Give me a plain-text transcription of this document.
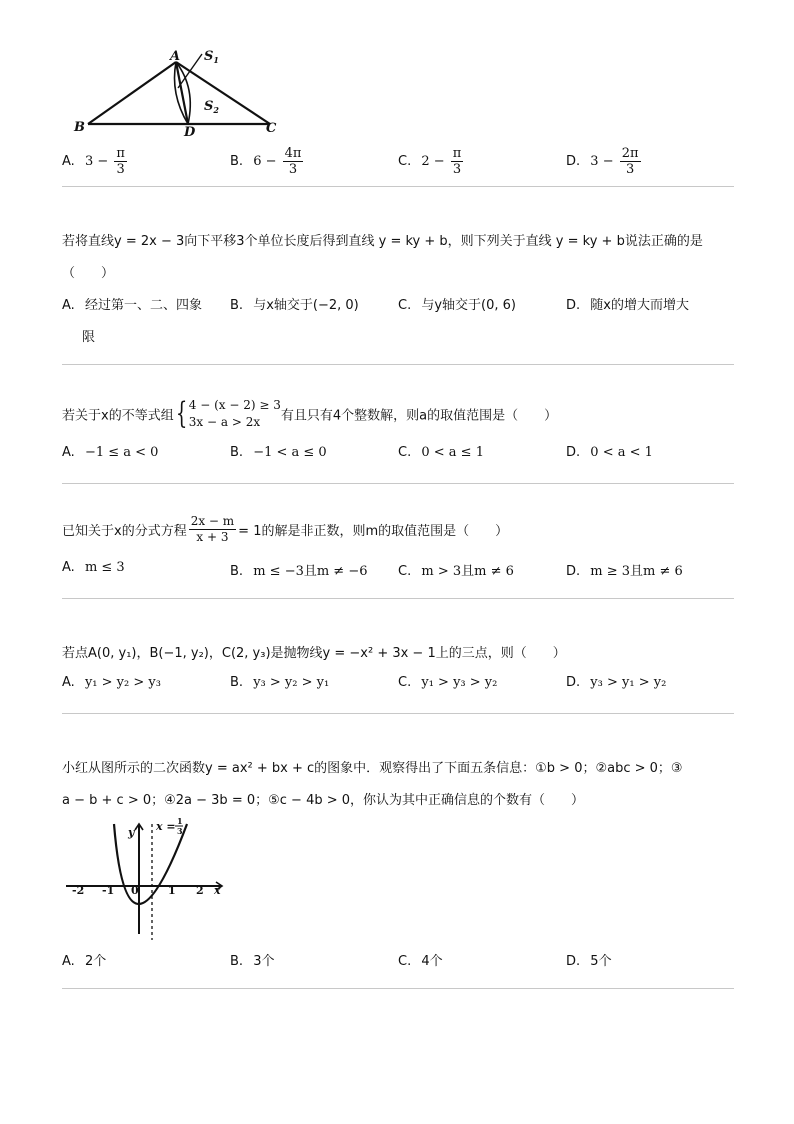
A $S_1$
$S_2$
B	D	C
A. $3 - \frac{\pi}{3}$	B. $6 - \frac{4\pi}{3}$	C. $2 - \frac{\pi}{3}$	D. $3 - \frac{2\pi}{3}$
若将直线y = 2x − 3向下平移3个单位长度后得到直线 y = ky + b，则下列关于直线 y = ky + b说法正确的是
（　　）
A. 经过第一、二、四象
限
B. 与x轴交于(−2, 0)	C. 与y轴交于(0, 6)	D. 随x的增大而增大
若关于x的不等式组{ 4 − (x − 2) ≥ 3
3x − a > 2x	有且只有4个整数解，则a的取值范围是（　　）
A. −1 ≤ a < 0	B. −1 < a ≤ 0	C. 0 < a ≤ 1	D. 0 < a < 1
已知关于x的分式方程 $\frac{2x - m}{x + 3} = 1$的解是非正数，则m的取值范围是（　　）
A. m ≤ 3	B. m ≤ −3且m ≠ −6 C. m > 3且m ≠ 6	D. m ≥ 3且m ≠ 6
若点A(0, y₁)，B(−1, y₂)，C(2, y₃)是抛物线y = −x² + 3x − 1上的三点，则（　　）
A. y₁ > y₂ > y₃	B. y₃ > y₂ > y₁	C. y₁ > y₃ > y₂	D. y₃ > y₁ > y₂
小红从图所示的二次函数y = ax² + bx + c的图象中．观察得出了下面五条信息：①b > 0；②abc > 0；③
a − b + c > 0；④2a − 3b = 0；⑤c − 4b > 0，你认为其中正确信息的个数有（　　）
y x = 1
3
-2 -1 0	1 2 x
A. 2个	B. 3个	C. 4个	D. 5个
